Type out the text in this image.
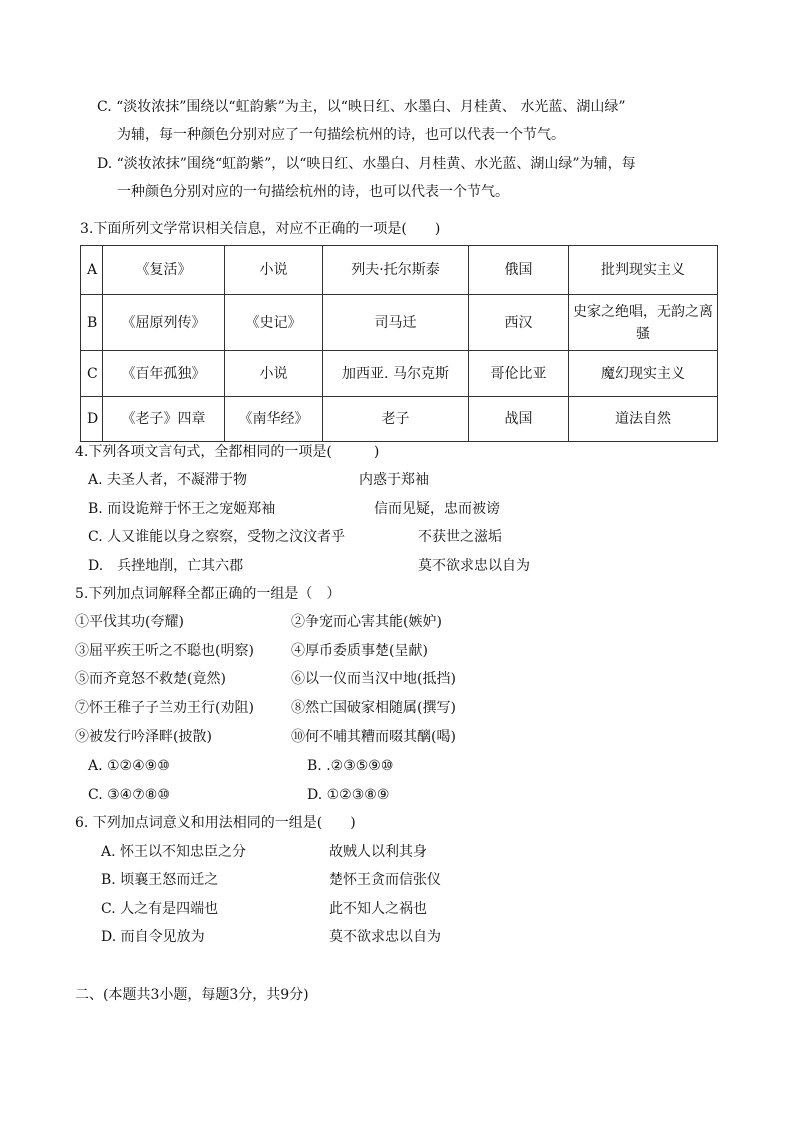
C. “淡妆浓抹”围绕以“虹韵紫”为主，以“映日红、水墨白、月桂黄、 水光蓝、湖山绿”
为辅，每一种颜色分别对应了一句描绘杭州的诗，也可以代表一个节气。
D. “淡妆浓抹”围绕“虹韵紫”，以“映日红、水墨白、月桂黄、水光蓝、湖山绿”为辅，每
一种颜色分别对应的一句描绘杭州的诗，也可以代表一个节气。
3.下面所列文学常识相关信息，对应不正确的一项是(　　)
A	《复活》	小说	列夫·托尔斯泰	俄国	批判现实主义
B	《屈原列传》	《史记》	司马迁	西汉	史家之绝唱，无韵之离骚
C	《百年孤独》	小说	加西亚. 马尔克斯	哥伦比亚	魔幻现实主义
D	《老子》四章	《南华经》	老子	战国	道法自然
4.下列各项文言句式，全都相同的一项是(　　　)
A. 夫圣人者，不凝滞于物	内惑于郑袖
B. 而设诡辩于怀王之宠姬郑袖	信而见疑，忠而被谤
C. 人又谁能以身之察察，受物之汶汶者乎	不获世之滋垢
D.　兵挫地削，亡其六郡	莫不欲求忠以自为
5.下列加点词解释全都正确的一组是（　）
①平伐其功(夸耀)	②争宠而心害其能(嫉妒)
③屈平疾王听之不聪也(明察)	④厚币委质事楚(呈献)
⑤而齐竟怒不救楚(竟然)	⑥以一仪而当汉中地(抵挡)
⑦怀王稚子子兰劝王行(劝阻)	⑧然亡国破家相随属(撰写)
⑨被发行吟泽畔(披散)	⑩何不哺其糟而啜其醨(喝)
A. ①②④⑨⑩	B. .②③⑤⑨⑩
C. ③④⑦⑧⑩	D. ①②③⑧⑨
6. 下列加点词意义和用法相同的一组是(　　)
A. 怀王以不知忠臣之分	故贼人以利其身
B. 顷襄王怒而迁之	楚怀王贪而信张仪
C. 人之有是四端也	此不知人之祸也
D. 而自令见放为	莫不欲求忠以自为
二、(本题共3小题，每题3分，共9分)
